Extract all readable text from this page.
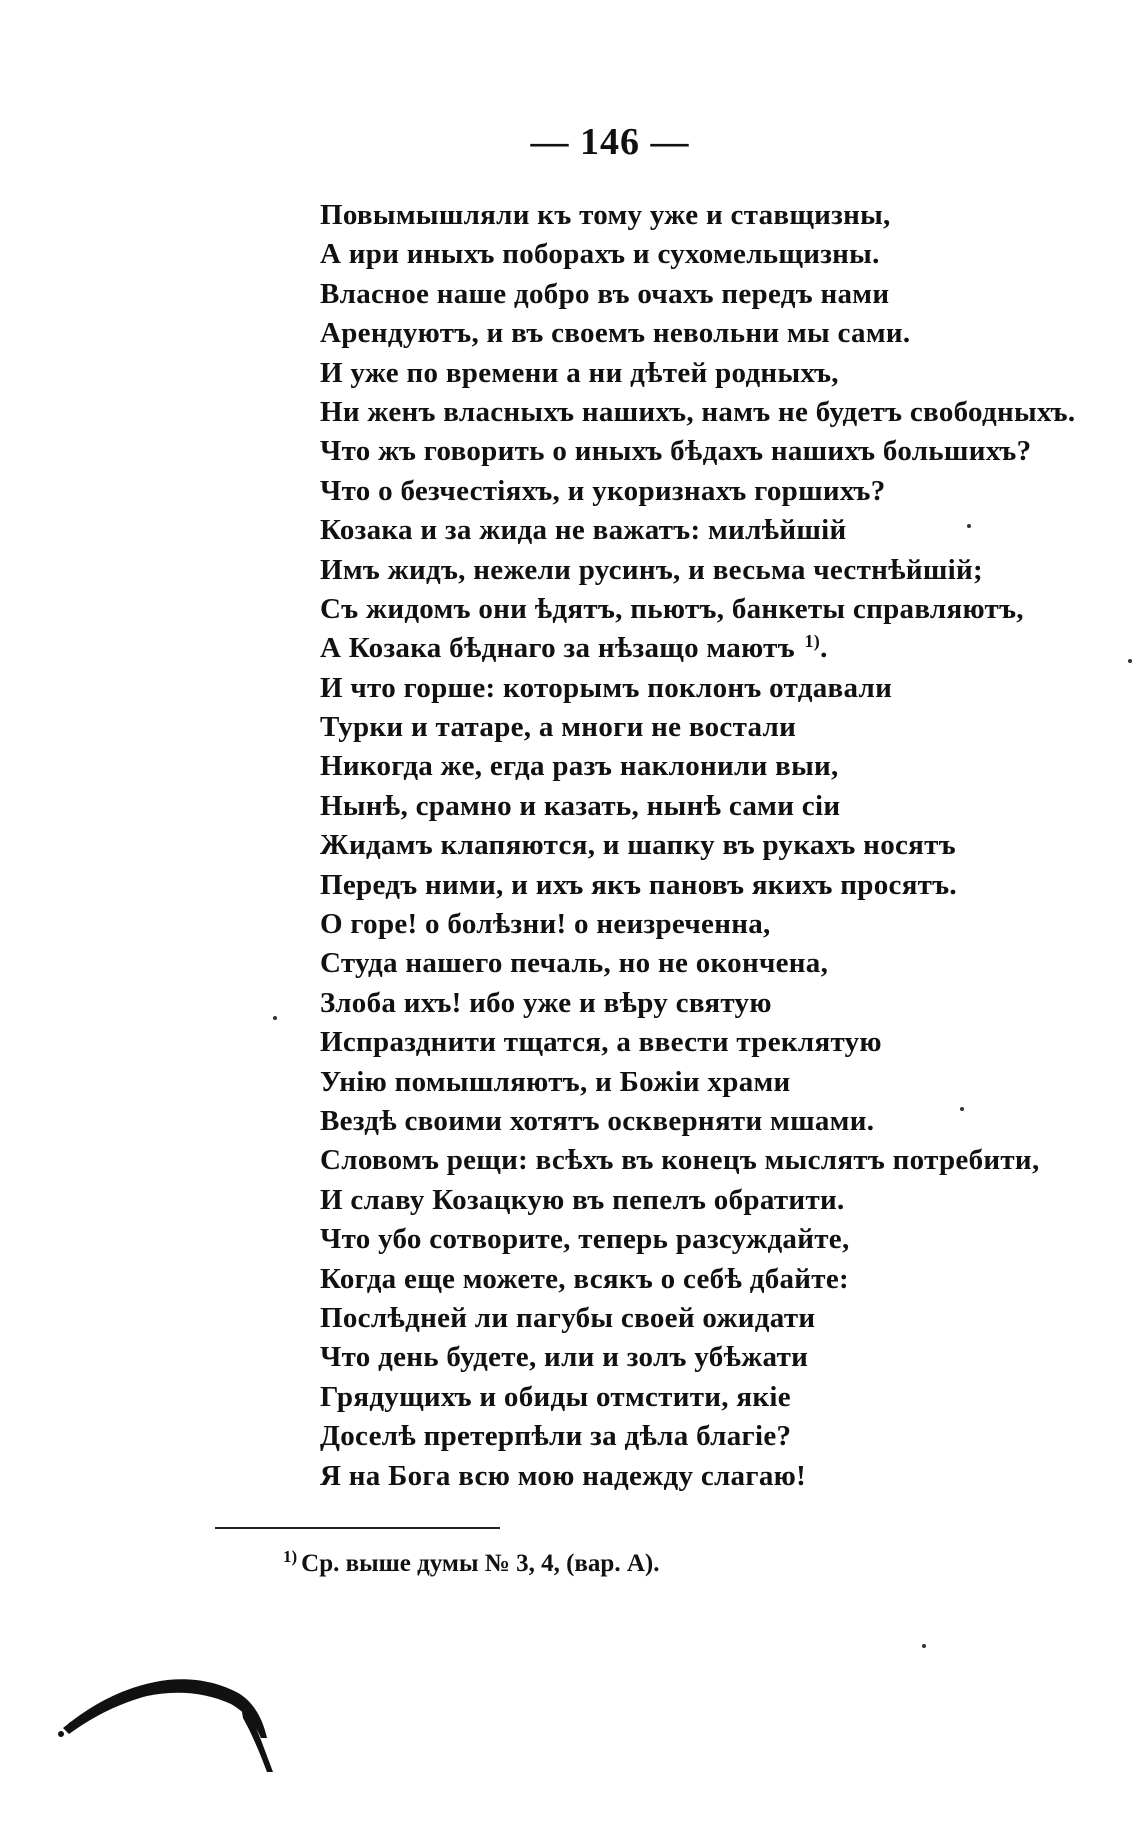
— 146 —
Повымышляли къ тому уже и ставщизны,
А ири иныхъ поборахъ и сухомельщизны.
Власное наше добро въ очахъ передъ нами
Арендуютъ, и въ своемъ невольни мы сами.
И уже по времени а ни дѣтей родныхъ,
Ни женъ власныхъ нашихъ, намъ не будетъ свободныхъ.
Что жъ говорить о иныхъ бѣдахъ нашихъ большихъ?
Что о безчестiяхъ, и укоризнахъ горшихъ?
Козака и за жида не важатъ: милѣйшiй
Имъ жидъ, нежели русинъ, и весьма честнѣйшiй;
Съ жидомъ они ѣдятъ, пьютъ, банкеты справляютъ,
А Козака бѣднаго за нѣзащо маютъ $^{1)}$.
И что горше: которымъ поклонъ отдавали
Турки и татаре, а многи не востали
Никогда же, егда разъ наклонили выи,
Нынѣ, срамно и казать, нынѣ сами сiи
Жидамъ клапяются, и шапку въ рукахъ носятъ
Передъ ними, и ихъ якъ пановъ якихъ просятъ.
О горе! о болѣзни! о неизреченна,
Студа нашего печаль, но не окончена,
Злоба ихъ! ибо уже и вѣру святую
Испразднити тщатся, а ввести треклятую
Унiю помышляютъ, и Божiи храми
Вездѣ своими хотятъ оскверняти мшами.
Словомъ рещи: всѣхъ въ конецъ мыслятъ потребити,
И славу Козацкую въ пепелъ обратити.
Что убо сотворите, теперь разсуждайте,
Когда еще можете, всякъ о себѣ дбайте:
Послѣдней ли пагубы своей ожидати
Что день будете, или и золъ убѣжати
Грядущихъ и обиды отмстити, якiе
Доселѣ претерпѣли за дѣла благiе?
Я на Бога всю мою надежду слагаю!
$^{1)}$ Ср. выше думы № 3, 4, (вар. А).
